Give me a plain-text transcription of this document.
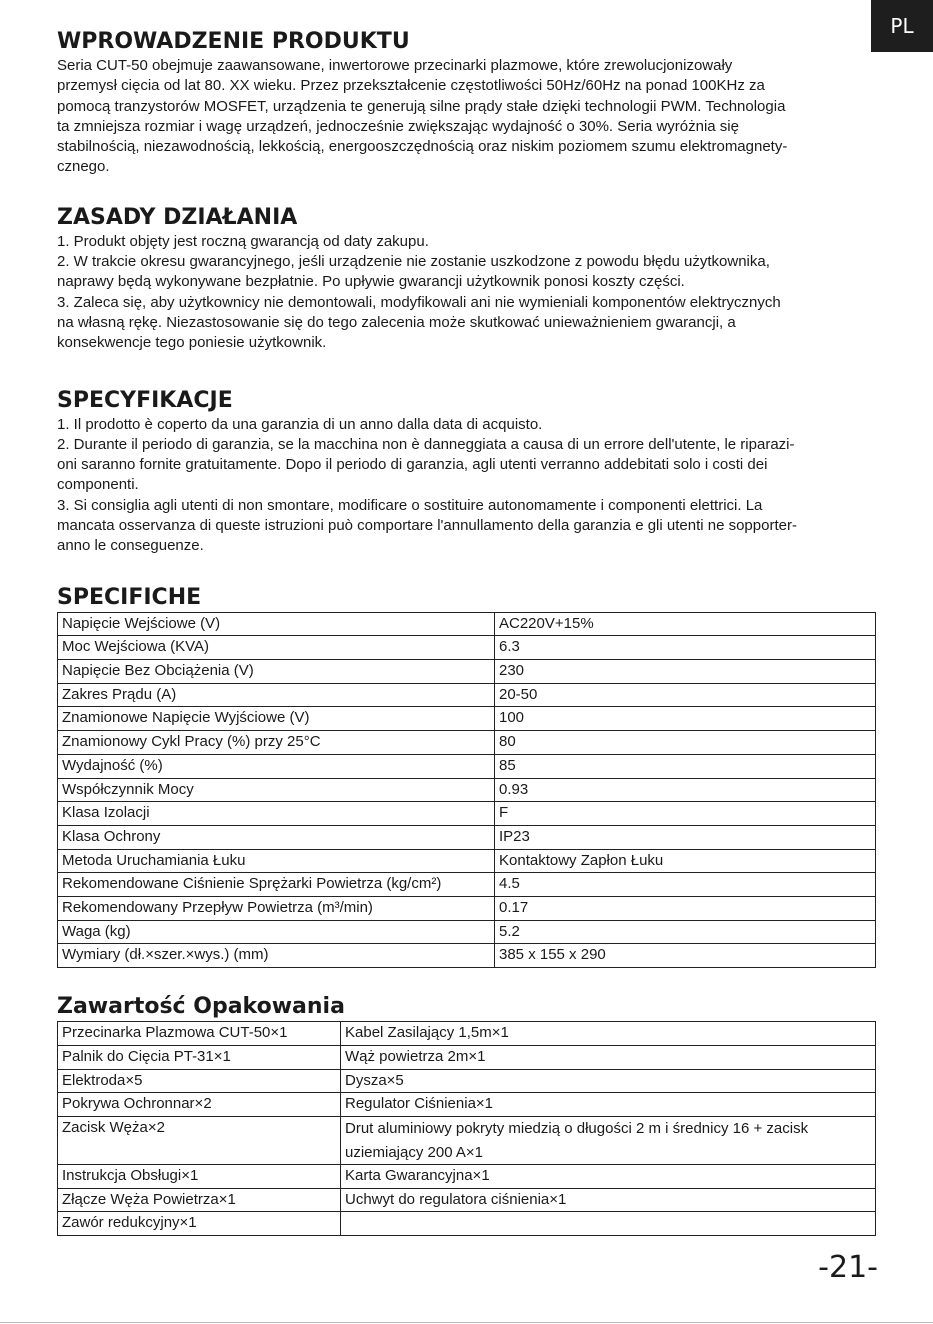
PL
WPROWADZENIE PRODUKTU
Seria CUT-50 obejmuje zaawansowane, inwertorowe przecinarki plazmowe, które zrewolucjonizowały
przemysł cięcia od lat 80. XX wieku. Przez przekształcenie częstotliwości 50Hz/60Hz na ponad 100KHz za
pomocą tranzystorów MOSFET, urządzenia te generują silne prądy stałe dzięki technologii PWM. Technologia
ta zmniejsza rozmiar i wagę urządzeń, jednocześnie zwiększając wydajność o 30%. Seria wyróżnia się
stabilnością, niezawodnością, lekkością, energooszczędnością oraz niskim poziomem szumu elektromagnety-
cznego.
ZASADY DZIAŁANIA
1. Produkt objęty jest roczną gwarancją od daty zakupu.
2. W trakcie okresu gwarancyjnego, jeśli urządzenie nie zostanie uszkodzone z powodu błędu użytkownika,
naprawy będą wykonywane bezpłatnie. Po upływie gwarancji użytkownik ponosi koszty części.
3. Zaleca się, aby użytkownicy nie demontowali, modyfikowali ani nie wymieniali komponentów elektrycznych
na własną rękę. Niezastosowanie się do tego zalecenia może skutkować unieważnieniem gwarancji, a
konsekwencje tego poniesie użytkownik.
SPECYFIKACJE
1. Il prodotto è coperto da una garanzia di un anno dalla data di acquisto.
2. Durante il periodo di garanzia, se la macchina non è danneggiata a causa di un errore dell'utente, le riparazi-
oni saranno fornite gratuitamente. Dopo il periodo di garanzia, agli utenti verranno addebitati solo i costi dei
componenti.
3. Si consiglia agli utenti di non smontare, modificare o sostituire autonomamente i componenti elettrici. La
mancata osservanza di queste istruzioni può comportare l'annullamento della garanzia e gli utenti ne sopporter-
anno le conseguenze.
SPECIFICHE
Napięcie Wejściowe (V)	AC220V+15%
Moc Wejściowa (KVA)	6.3
Napięcie Bez Obciążenia (V)	230
Zakres Prądu (A)	20-50
Znamionowe Napięcie Wyjściowe (V)	100
Znamionowy Cykl Pracy (%) przy 25°C	80
Wydajność (%)	85
Współczynnik Mocy	0.93
Klasa Izolacji	F
Klasa Ochrony	IP23
Metoda Uruchamiania Łuku	Kontaktowy Zapłon Łuku
Rekomendowane Ciśnienie Sprężarki Powietrza (kg/cm²)	4.5
Rekomendowany Przepływ Powietrza (m³/min)	0.17
Waga (kg)	5.2
Wymiary (dł.×szer.×wys.) (mm)	385 x 155 x 290
Zawartość Opakowania
Przecinarka Plazmowa CUT-50×1	Kabel Zasilający 1,5m×1
Palnik do Cięcia PT-31×1	Wąż powietrza 2m×1
Elektroda×5	Dysza×5
Pokrywa Ochronnar×2	Regulator Ciśnienia×1
Zacisk Węża×2	Drut aluminiowy pokryty miedzią o długości 2 m i średnicy 16 + zacisk uziemiający 200 A×1
Instrukcja Obsługi×1	Karta Gwarancyjna×1
Złącze Węża Powietrza×1	Uchwyt do regulatora ciśnienia×1
Zawór redukcyjny×1	
-21-
